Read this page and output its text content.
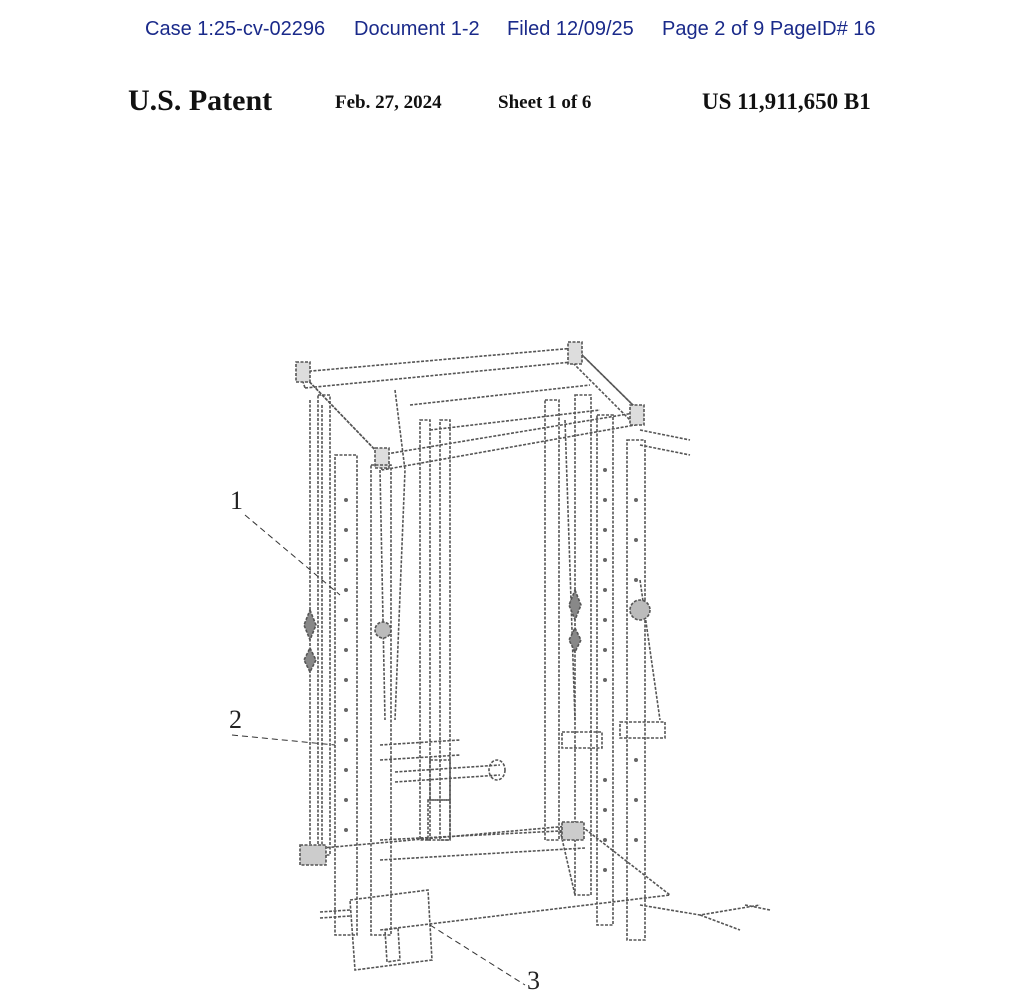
Case 1:25-cv-02296 Document 1-2 Filed 12/09/25 Page 2 of 9 PageID# 16
U.S. Patent	Feb. 27, 2024	Sheet 1 of 6	US 11,911,650 B1
1
2
3
